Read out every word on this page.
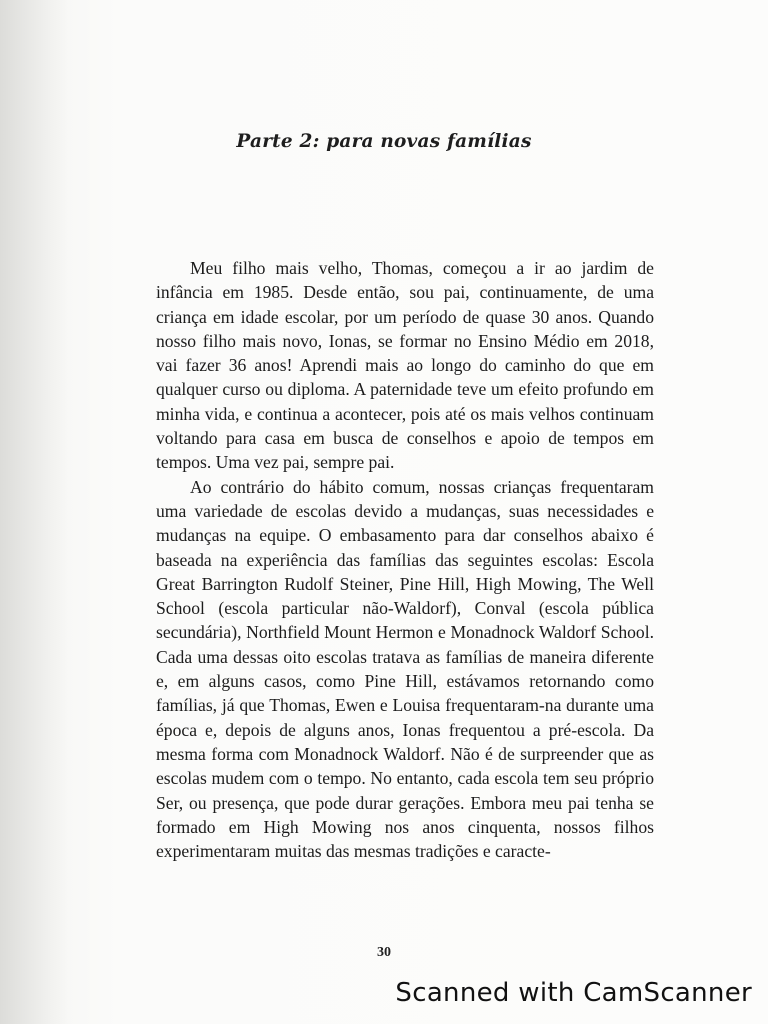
Parte 2: para novas famílias

Meu filho mais velho, Thomas, começou a ir ao jardim de infância em 1985. Desde então, sou pai, continuamente, de uma criança em idade escolar, por um período de quase 30 anos. Quando nosso filho mais novo, Ionas, se formar no Ensino Médio em 2018, vai fazer 36 anos! Aprendi mais ao longo do caminho do que em qualquer curso ou diploma. A paternidade teve um efeito profundo em minha vida, e continua a acontecer, pois até os mais velhos continuam voltando para casa em busca de conselhos e apoio de tempos em tempos. Uma vez pai, sempre pai.

Ao contrário do hábito comum, nossas crianças frequentaram uma variedade de escolas devido a mudanças, suas necessidades e mudanças na equipe. O embasamento para dar conselhos abaixo é baseada na experiência das famílias das seguintes escolas: Escola Great Barrington Rudolf Steiner, Pine Hill, High Mowing, The Well School (escola particular não-Waldorf), Conval (escola pública secundária), Northfield Mount Hermon e Monadnock Waldorf School. Cada uma dessas oito escolas tratava as famílias de maneira diferente e, em alguns casos, como Pine Hill, estávamos retornando como famílias, já que Thomas, Ewen e Louisa frequentaram-na durante uma época e, depois de alguns anos, Ionas frequentou a pré-escola. Da mesma forma com Monadnock Waldorf. Não é de surpreender que as escolas mudem com o tempo. No entanto, cada escola tem seu próprio Ser, ou presença, que pode durar gerações. Embora meu pai tenha se formado em High Mowing nos anos cinquenta, nossos filhos experimentaram muitas das mesmas tradições e caracte-

30
Scanned with CamScanner
